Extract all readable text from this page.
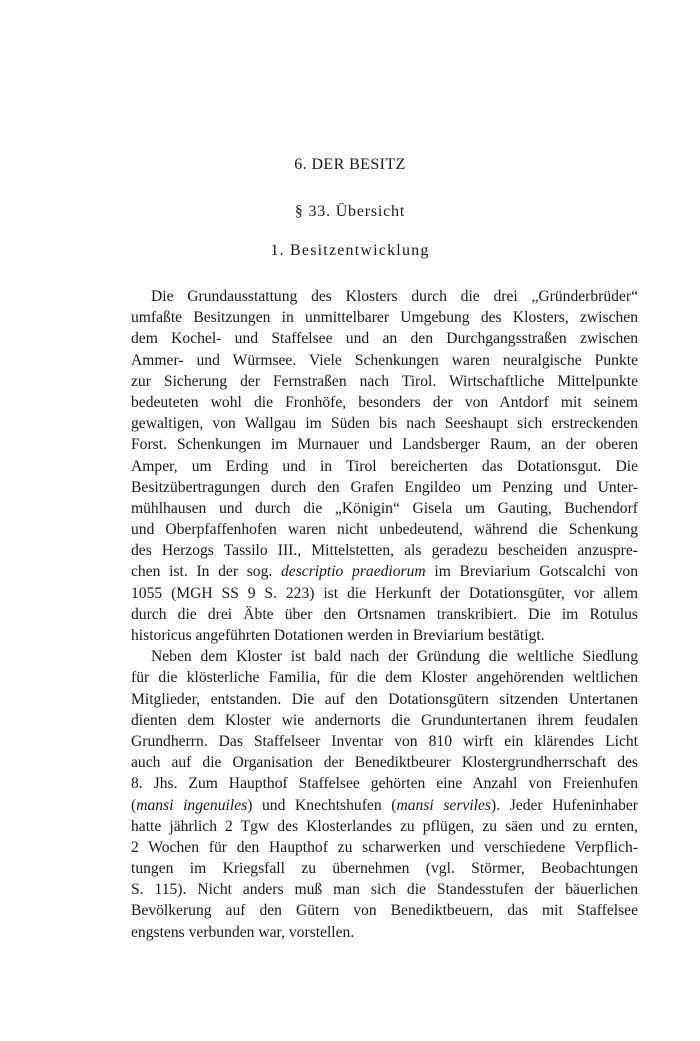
6. DER BESITZ
§ 33. Übersicht
1. Besitzentwicklung
Die Grundausstattung des Klosters durch die drei „Gründerbrüder“
umfaßte Besitzungen in unmittelbarer Umgebung des Klosters, zwischen
dem Kochel- und Staffelsee und an den Durchgangsstraßen zwischen
Ammer- und Würmsee. Viele Schenkungen waren neuralgische Punkte
zur Sicherung der Fernstraßen nach Tirol. Wirtschaftliche Mittelpunkte
bedeuteten wohl die Fronhöfe, besonders der von Antdorf mit seinem
gewaltigen, von Wallgau im Süden bis nach Seeshaupt sich erstreckenden
Forst. Schenkungen im Murnauer und Landsberger Raum, an der oberen
Amper, um Erding und in Tirol bereicherten das Dotationsgut. Die
Besitzübertragungen durch den Grafen Engildeo um Penzing und Unter-
mühlhausen und durch die „Königin“ Gisela um Gauting, Buchendorf
und Oberpfaffenhofen waren nicht unbedeutend, während die Schenkung
des Herzogs Tassilo III., Mittelstetten, als geradezu bescheiden anzuspre-
chen ist. In der sog. descriptio praediorum im Breviarium Gotscalchi von
1055 (MGH SS 9 S. 223) ist die Herkunft der Dotationsgüter, vor allem
durch die drei Äbte über den Ortsnamen transkribiert. Die im Rotulus
historicus angeführten Dotationen werden in Breviarium bestätigt.
Neben dem Kloster ist bald nach der Gründung die weltliche Siedlung
für die klösterliche Familia, für die dem Kloster angehörenden weltlichen
Mitglieder, entstanden. Die auf den Dotationsgütern sitzenden Untertanen
dienten dem Kloster wie andernorts die Grunduntertanen ihrem feudalen
Grundherrn. Das Staffelseer Inventar von 810 wirft ein klärendes Licht
auch auf die Organisation der Benediktbeurer Klostergrundherrschaft des
8. Jhs. Zum Haupthof Staffelsee gehörten eine Anzahl von Freienhufen
(mansi ingenuiles) und Knechtshufen (mansi serviles). Jeder Hufeninhaber
hatte jährlich 2 Tgw des Klosterlandes zu pflügen, zu säen und zu ernten,
2 Wochen für den Haupthof zu scharwerken und verschiedene Verpflich-
tungen im Kriegsfall zu übernehmen (vgl. Störmer, Beobachtungen
S. 115). Nicht anders muß man sich die Standesstufen der bäuerlichen
Bevölkerung auf den Gütern von Benediktbeuern, das mit Staffelsee
engstens verbunden war, vorstellen.
